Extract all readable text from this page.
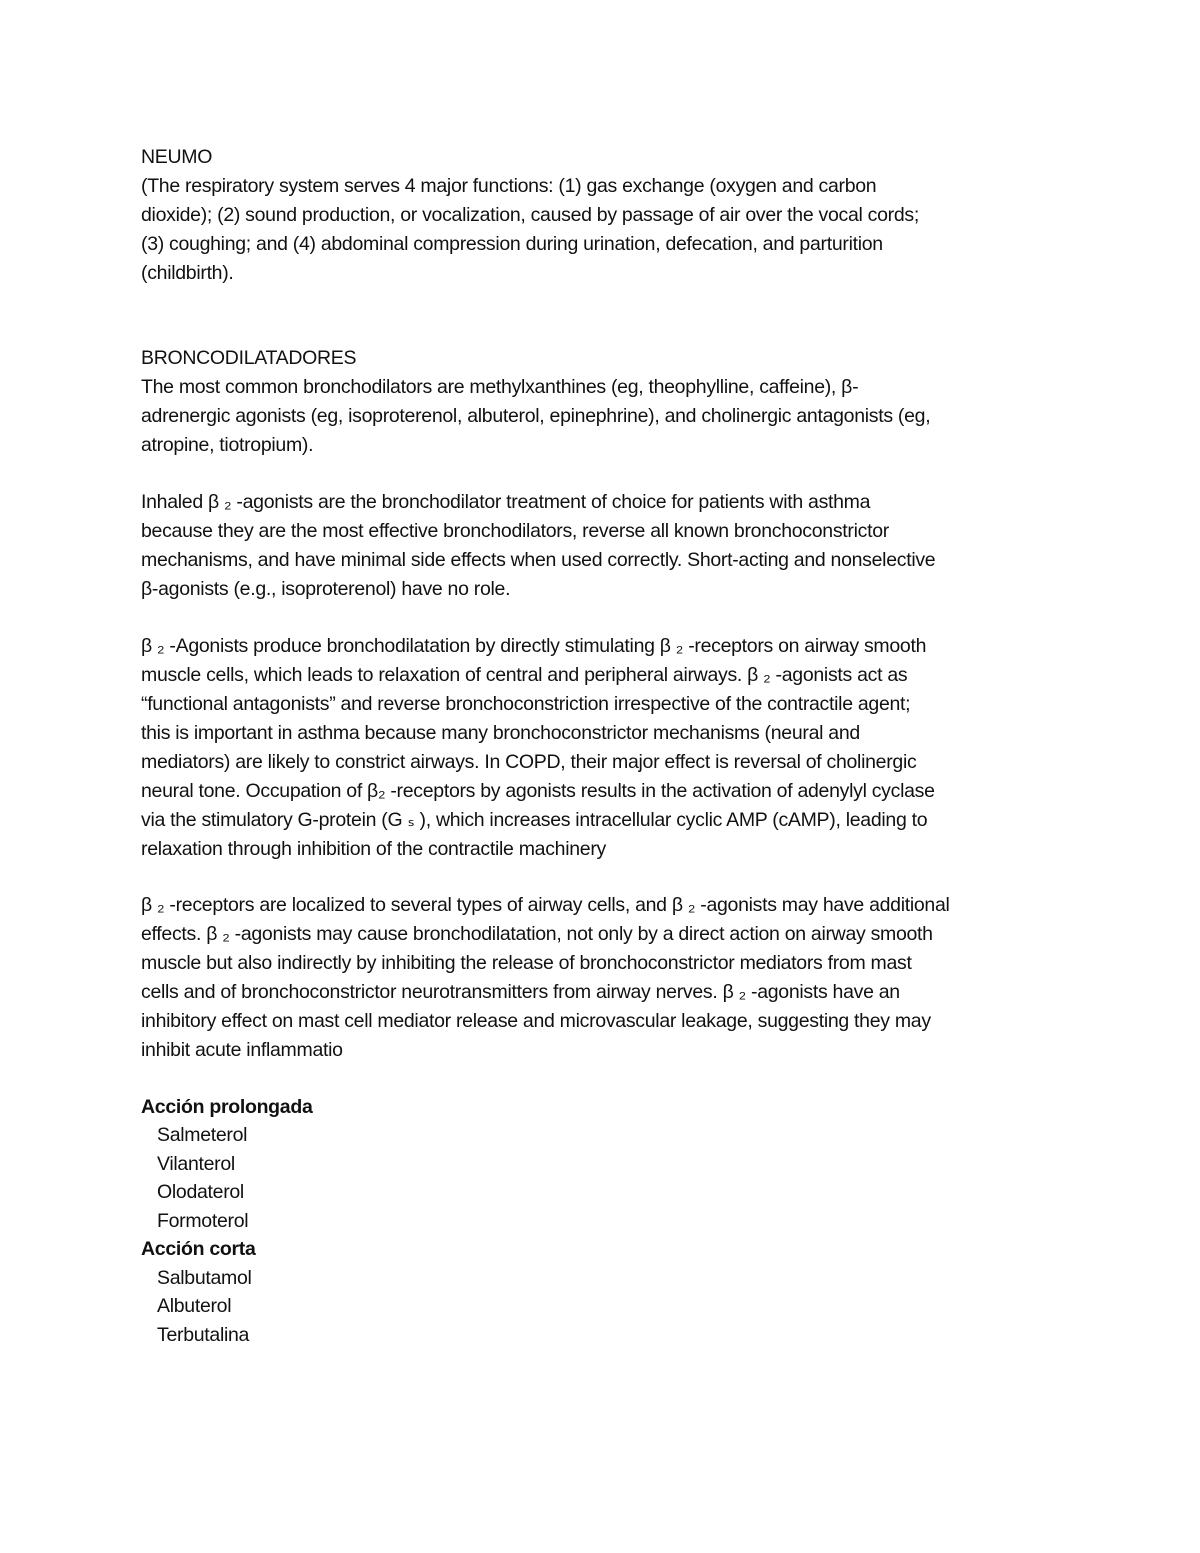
NEUMO
(The respiratory system serves 4 major functions: (1) gas exchange (oxygen and carbon
dioxide); (2) sound production, or vocalization, caused by passage of air over the vocal cords;
(3) coughing; and (4) abdominal compression during urination, defecation, and parturition
(childbirth).
BRONCODILATADORES
The most common bronchodilators are methylxanthines (eg, theophylline, caffeine), β-
adrenergic agonists (eg, isoproterenol, albuterol, epinephrine), and cholinergic antagonists (eg,
atropine, tiotropium).
Inhaled β ₂ -agonists are the bronchodilator treatment of choice for patients with asthma
because they are the most effective bronchodilators, reverse all known bronchoconstrictor
mechanisms, and have minimal side effects when used correctly. Short-acting and nonselective
β-agonists (e.g., isoproterenol) have no role.
β ₂ -Agonists produce bronchodilatation by directly stimulating β ₂ -receptors on airway smooth
muscle cells, which leads to relaxation of central and peripheral airways. β ₂ -agonists act as
“functional antagonists” and reverse bronchoconstriction irrespective of the contractile agent;
this is important in asthma because many bronchoconstrictor mechanisms (neural and
mediators) are likely to constrict airways. In COPD, their major effect is reversal of cholinergic
neural tone. Occupation of β₂ -receptors by agonists results in the activation of adenylyl cyclase
via the stimulatory G-protein (G ₛ ), which increases intracellular cyclic AMP (cAMP), leading to
relaxation through inhibition of the contractile machinery
β ₂ -receptors are localized to several types of airway cells, and β ₂ -agonists may have additional
effects. β ₂ -agonists may cause bronchodilatation, not only by a direct action on airway smooth
muscle but also indirectly by inhibiting the release of bronchoconstrictor mediators from mast
cells and of bronchoconstrictor neurotransmitters from airway nerves. β ₂ -agonists have an
inhibitory effect on mast cell mediator release and microvascular leakage, suggesting they may
inhibit acute inflammatio
Acción prolongada
Salmeterol
Vilanterol
Olodaterol
Formoterol
Acción corta
Salbutamol
Albuterol
Terbutalina
